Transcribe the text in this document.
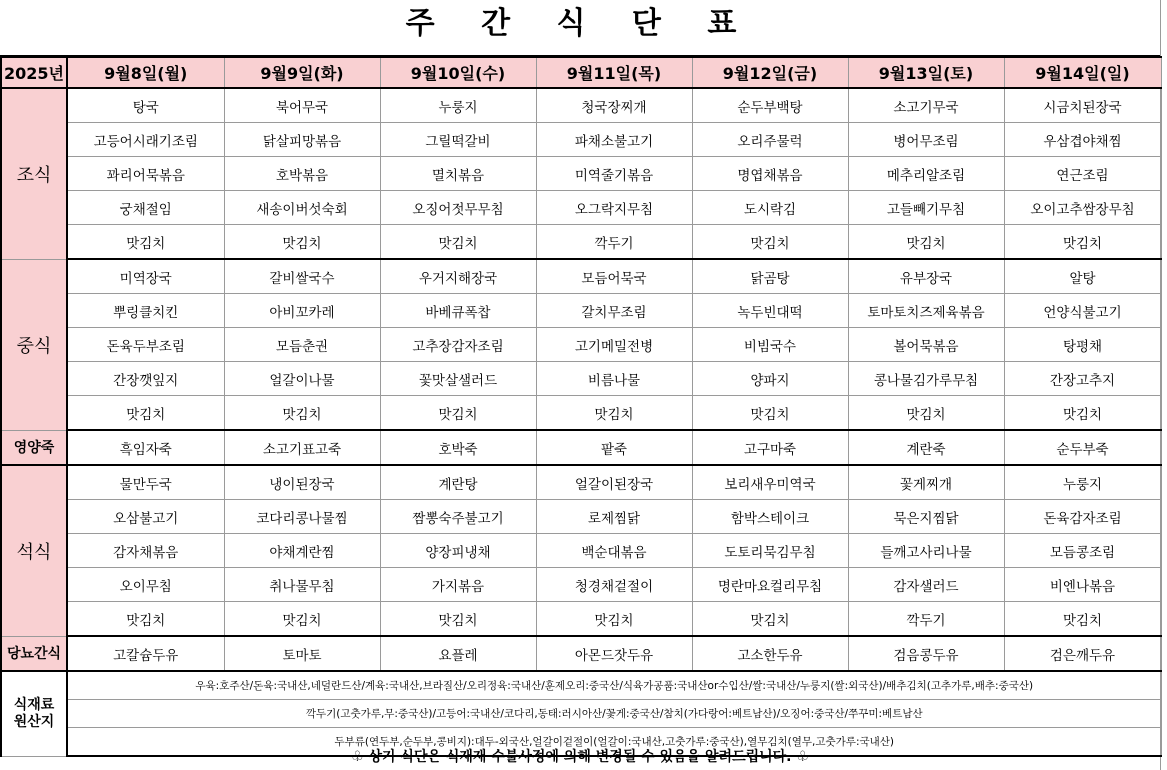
주 간 식 단 표
2025년	9월8일(월)	9월9일(화)	9월10일(수)	9월11일(목)	9월12일(금)	9월13일(토)	9월14일(일)
조식	탕국	북어무국	누룽지	청국장찌개	순두부백탕	소고기무국	시금치된장국
	고등어시래기조림	닭살피망볶음	그릴떡갈비	파채소불고기	오리주물럭	병어무조림	우삼겹야채찜
	꽈리어묵볶음	호박볶음	멸치볶음	미역줄기볶음	명엽채볶음	메추리알조림	연근조림
	궁채절임	새송이버섯숙회	오징어젓무무침	오그락지무침	도시락김	고들빼기무침	오이고추쌈장무침
	맛김치	맛김치	맛김치	깍두기	맛김치	맛김치	맛김치
중식	미역장국	갈비쌀국수	우거지해장국	모듬어묵국	닭곰탕	유부장국	알탕
	뿌링클치킨	아비꼬카레	바베큐폭찹	갈치무조림	녹두빈대떡	토마토치즈제육볶음	언양식불고기
	돈육두부조림	모듬춘권	고추장감자조림	고기메밀전병	비빔국수	볼어묵볶음	탕평채
	간장깻잎지	얼갈이나물	꽃맛살샐러드	비름나물	양파지	콩나물김가루무침	간장고추지
	맛김치	맛김치	맛김치	맛김치	맛김치	맛김치	맛김치
영양죽	흑임자죽	소고기표고죽	호박죽	팥죽	고구마죽	계란죽	순두부죽
석식	물만두국	냉이된장국	계란탕	얼갈이된장국	보리새우미역국	꽃게찌개	누룽지
	오삼불고기	코다리콩나물찜	짬뽕숙주불고기	로제찜닭	함박스테이크	묵은지찜닭	돈육감자조림
	감자채볶음	야채계란찜	양장피냉채	백순대볶음	도토리묵김무침	들깨고사리나물	모듬콩조림
	오이무침	취나물무침	가지볶음	청경채겉절이	명란마요컬리무침	감자샐러드	비엔나볶음
	맛김치	맛김치	맛김치	맛김치	맛김치	깍두기	맛김치
당뇨간식	고칼슘두유	토마토	요플레	아몬드잣두유	고소한두유	검음콩두유	검은깨두유

식재료
원산지	우육:호주산/돈육:국내산,네덜란드산/계육:국내산,브라질산/오리정육:국내산/훈제오리:중국산/식육가공품:국내산or수입산/쌀:국내산/누룽지(쌀:외국산)/배추김치(고추가루,배추:중국산)						
	깍두기(고춧가루,무:중국산)/고등어:국내산/코다리,동태:러시아산/꽃게:중국산/참치(가다랑어:베트남산)/오징어:중국산/쭈꾸미:베트남산						
	두부류(연두부,순두부,콩비지):대두-외국산,얼갈이겉절이(얼갈이:국내산,고춧가루:중국산),열무김치(열무,고춧가루:국내산)						
♧ 상기 식단은 식재재 수불사정에 의해 변경될 수 있음을 알려드립니다. ♧
